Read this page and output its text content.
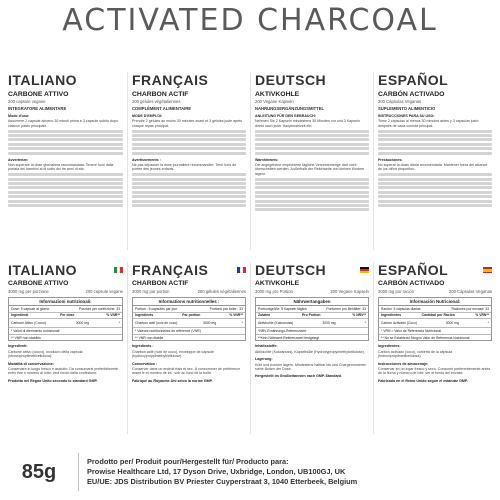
ACTIVATED CHARCOAL
ITALIANO
CARBONE ATTIVO
200 capsule vegane
INTEGRATORE ALIMENTARE
Modo d'uso:
Assumere 2 capsule almeno 30 minuti prima e 3 capsule subito dopo ciascun pasto principale.
Avvertenze:
Non superare la dose giornaliera raccomandata. Tenere fuori dalla portata dei bambini al di sotto dei tre anni di età.
FRANÇAIS
CHARBON ACTIF
200 gélules végétaliennes
COMPLÉMENT ALIMENTAIRE
MODE D'EMPLOI:
Prendre 2 gélules au moins 30 minutes avant et 3 gélules juste après chaque repas principal.
Avertissements :
Ne pas dépasser la dose journalière recommandée. Tenir hors de portée des jeunes enfants.
DEUTSCH
AKTIVKOHLE
200 Vegane Kapseln
NAHRUNGSERGÄNZUNGSMITTEL
ANLEITUNG FÜR DEN GEBRAUCH:
Nehmen Sie 2 Kapseln mindestens 30 Minuten vor und 3 Kapseln direkt nach jeder Hauptmahlzeit ein.
Warnhinweis:
Die angegebene empfohlene tägliche Verzehrsmenge darf nicht überschritten werden. Außerhalb der Reichweite von kleinen Kindern lagern.
ESPAÑOL
CARBÓN ACTIVADO
200 Cápsulas Veganas
SUPLEMENTO ALIMENTICIO
INSTRUCCIONES PARA SU USO:
Tome 2 cápsulas al menos 30 minutos antes y 3 cápsulas justo después de cada comida principal.
Precauciones:
No superar la dosis diaria recomendada. Mantener fuera del alcance de los niños pequeños.
ITALIANO
CARBONE ATTIVO
3000 mg per porzione	200 capsule vegane
Informazioni nutrizionali:
Dose: 5 capsule al giorno	Porzioni per confezione: 33
Ingredienti	Per dose	% VNR**
Carbone Attivo (Cocco)	3000 mg	*
* Valori di riferimento nutrizionali
** VNR non stabilito
Ingredienti:
Carbone attivo (cocco), involucro della capsula (idrossipropilmetilcellulosa).
Modalità di conservazione:
Conservare in luogo fresco e asciutto. Da consumarsi preferibilmente entro fine e numero di lotto: vedi fondo della confezione.
Prodotto nel Regno Unito secondo lo standard GMP.
FRANÇAIS
CHARBON ACTIF
3000 mg par portion	200 gélules végétaliennes
Informations nutritionnelles :
Portion : 5 capsules par jour	Portions par boîte : 33
Ingrédients	Par portion	% VNR**
Charbon actif (noix de coco)	3000 mg	*
* Valeurs nutritionnelles de référence (VNR)
** VNR non établie
Ingrédients :
Charbon actif (noix de coco), enveloppe de capsule (hydroxypropylméthylcellulose).
Conservation :
Conserver dans un endroit frais et sec. À consommer de préférence avant le et numéro de lot : voir au fond de la boîte.
Fabriqué au Royaume-Uni selon la norme GMP.
DEUTSCH
AKTIVKOHLE
3000 mg pro Portion	200 Vegane Kapseln
Nährwertangaben
Portionsgröße: 5 Kapseln täglich	Portionen pro Behälter: 33
Zutaten	Pro Portion	% NRV**
Aktivkohle (Kokosnuss)	3000 mg	*
*NRV-Ernährungs-Referenzwert
**Kein Nährwert-Referenzwert festgelegt
Inhaltsstoffe:
Aktivkohle (Kokosnuss), Kapselhülle (Hydroxypropylmethylcellulose).
Lagerung:
Kühl und trocken lagern. Mindestens haltbar bis und Chargennummer: siehe Boden der Dose.
Hergestellt im Großbritannien nach GMP-Standard.
ESPAÑOL
CARBÓN ACTIVADO
3000 mg por ración	200 Cápsulas Veganas
Información Nutricional:
Ración: 5 cápsulas diarias	Raciones por envase: 33
Ingredientes	Cantidad por Ración	% VRN**
Carbón Activado (Coco)	3000 mg	*
* VRN = Valor de Referencia Nutricional
** No se Estableció Ningún Valor de Referencia Nutricional
Ingredientes:
Carbón activado (coco), cubierta de la cápsula (hidroxipropilmetilcelulosa).
Instrucciones de almacenaje:
Conservar en un lugar fresco y seco. Consumir preferentemente antes de la fecha y número de lote: ver el fondo del envase.
Fabricado en el Reino Unido según el estándar GMP.
85g	Prodotto per/ Produit pour/Hergestellt für/ Producto para:
Prowise Healthcare Ltd, 17 Dyson Drive, Uxbridge, London, UB100GJ, UK
EU/UE: JDS Distribution BV Priester Cuyperstraat 3, 1040 Etterbeek, Belgium
